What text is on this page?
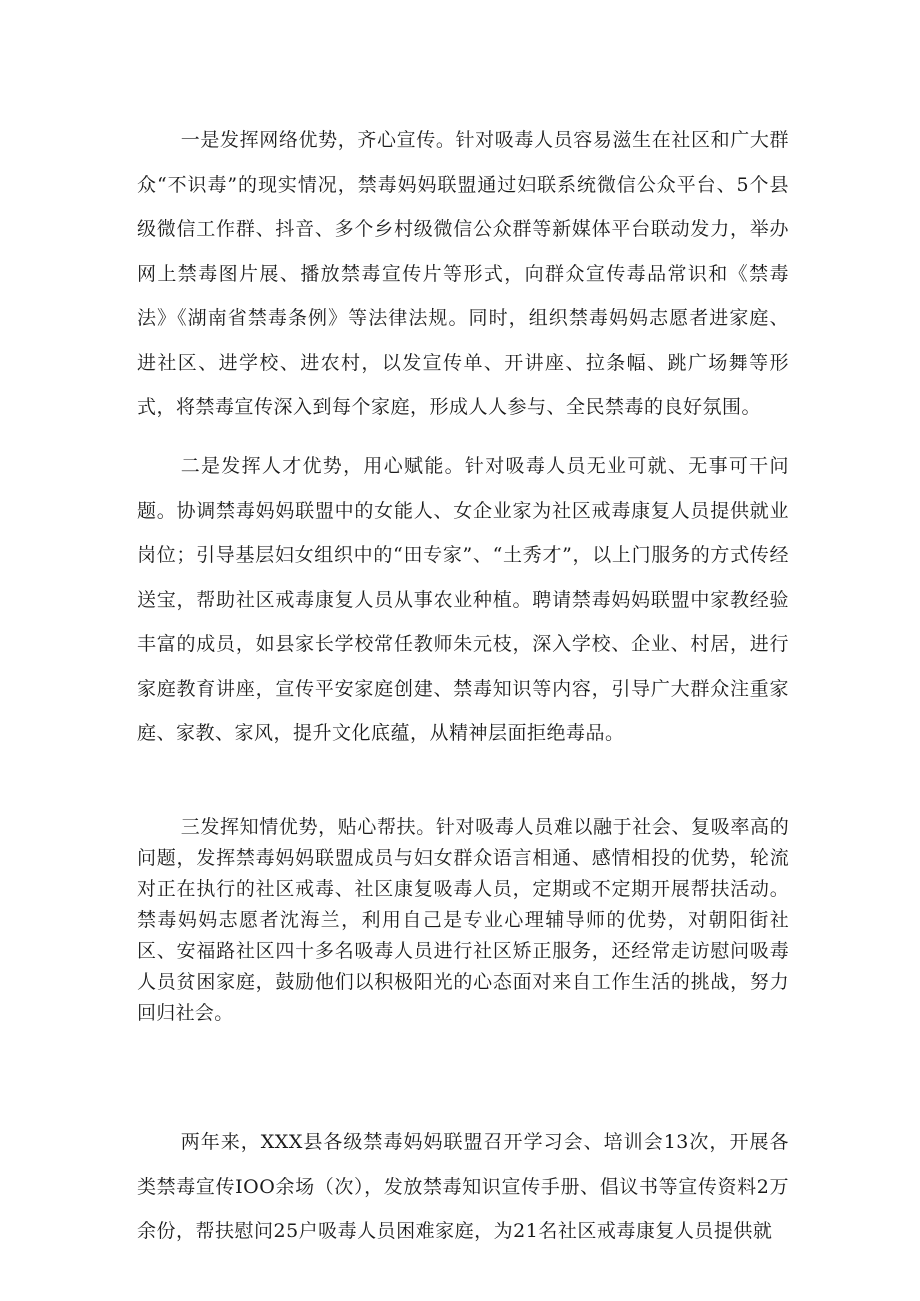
一是发挥网络优势，齐心宣传。针对吸毒人员容易滋生在社区和广大群众“不识毒”的现实情况，禁毒妈妈联盟通过妇联系统微信公众平台、5个县级微信工作群、抖音、多个乡村级微信公众群等新媒体平台联动发力，举办网上禁毒图片展、播放禁毒宣传片等形式，向群众宣传毒品常识和《禁毒法》《湖南省禁毒条例》等法律法规。同时，组织禁毒妈妈志愿者进家庭、进社区、进学校、进农村，以发宣传单、开讲座、拉条幅、跳广场舞等形式，将禁毒宣传深入到每个家庭，形成人人参与、全民禁毒的良好氛围。

二是发挥人才优势，用心赋能。针对吸毒人员无业可就、无事可干问题。协调禁毒妈妈联盟中的女能人、女企业家为社区戒毒康复人员提供就业岗位；引导基层妇女组织中的“田专家”、“土秀才”，以上门服务的方式传经送宝，帮助社区戒毒康复人员从事农业种植。聘请禁毒妈妈联盟中家教经验丰富的成员，如县家长学校常任教师朱元枝，深入学校、企业、村居，进行家庭教育讲座，宣传平安家庭创建、禁毒知识等内容，引导广大群众注重家庭、家教、家风，提升文化底蕴，从精神层面拒绝毒品。

三发挥知情优势，贴心帮扶。针对吸毒人员难以融于社会、复吸率高的问题，发挥禁毒妈妈联盟成员与妇女群众语言相通、感情相投的优势，轮流对正在执行的社区戒毒、社区康复吸毒人员，定期或不定期开展帮扶活动。禁毒妈妈志愿者沈海兰，利用自己是专业心理辅导师的优势，对朝阳街社区、安福路社区四十多名吸毒人员进行社区矫正服务，还经常走访慰问吸毒人员贫困家庭，鼓励他们以积极阳光的心态面对来自工作生活的挑战，努力回归社会。

两年来，XXX县各级禁毒妈妈联盟召开学习会、培训会13次，开展各类禁毒宣传IOO余场（次），发放禁毒知识宣传手册、倡议书等宣传资料2万余份，帮扶慰问25户吸毒人员困难家庭，为21名社区戒毒康复人员提供就
